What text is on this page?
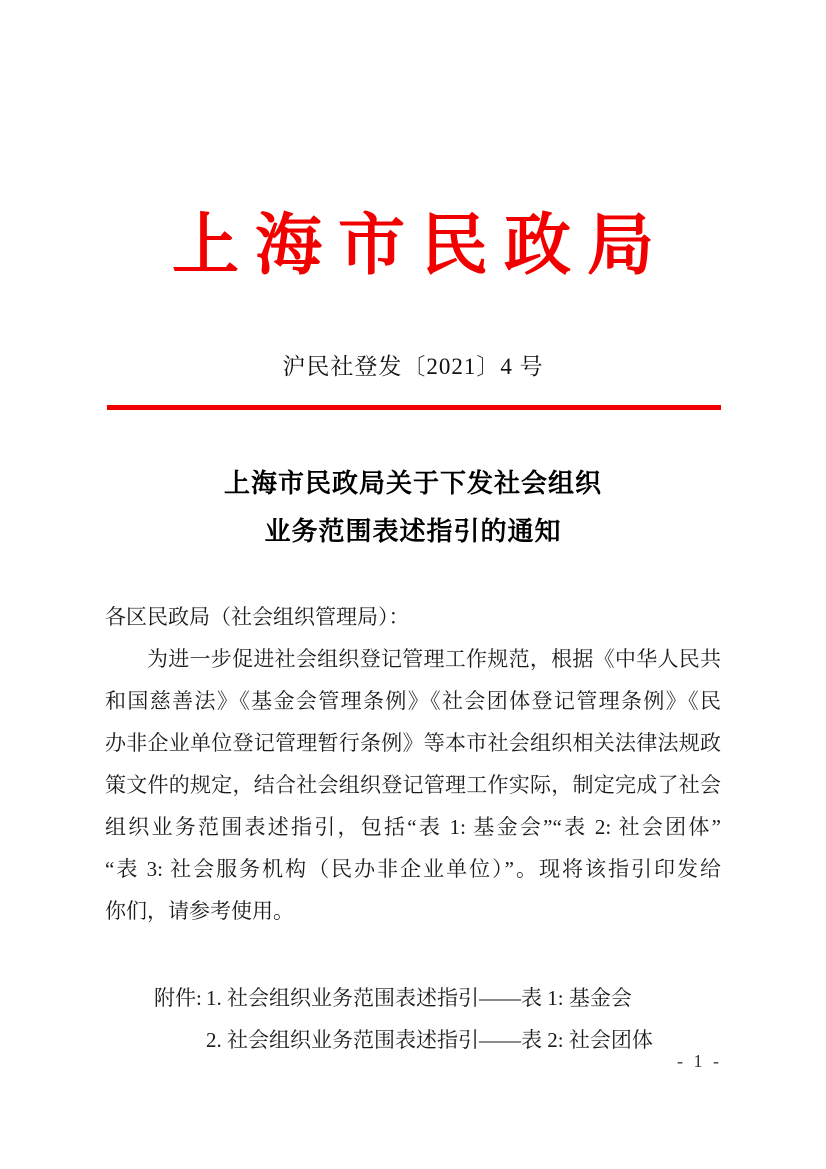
上海市民政局
沪民社登发〔2021〕4 号
上海市民政局关于下发社会组织
业务范围表述指引的通知
各区民政局（社会组织管理局）：
为进一步促进社会组织登记管理工作规范，根据《中华人民共
和国慈善法》《基金会管理条例》《社会团体登记管理条例》《民
办非企业单位登记管理暂行条例》等本市社会组织相关法律法规政
策文件的规定，结合社会组织登记管理工作实际，制定完成了社会
组织业务范围表述指引，包括“表 1: 基金会”“表 2: 社会团体”
“表 3: 社会服务机构（民办非企业单位）”。现将该指引印发给
你们，请参考使用。
附件: 1. 社会组织业务范围表述指引——表 1: 基金会
2. 社会组织业务范围表述指引——表 2: 社会团体
- 1 -
